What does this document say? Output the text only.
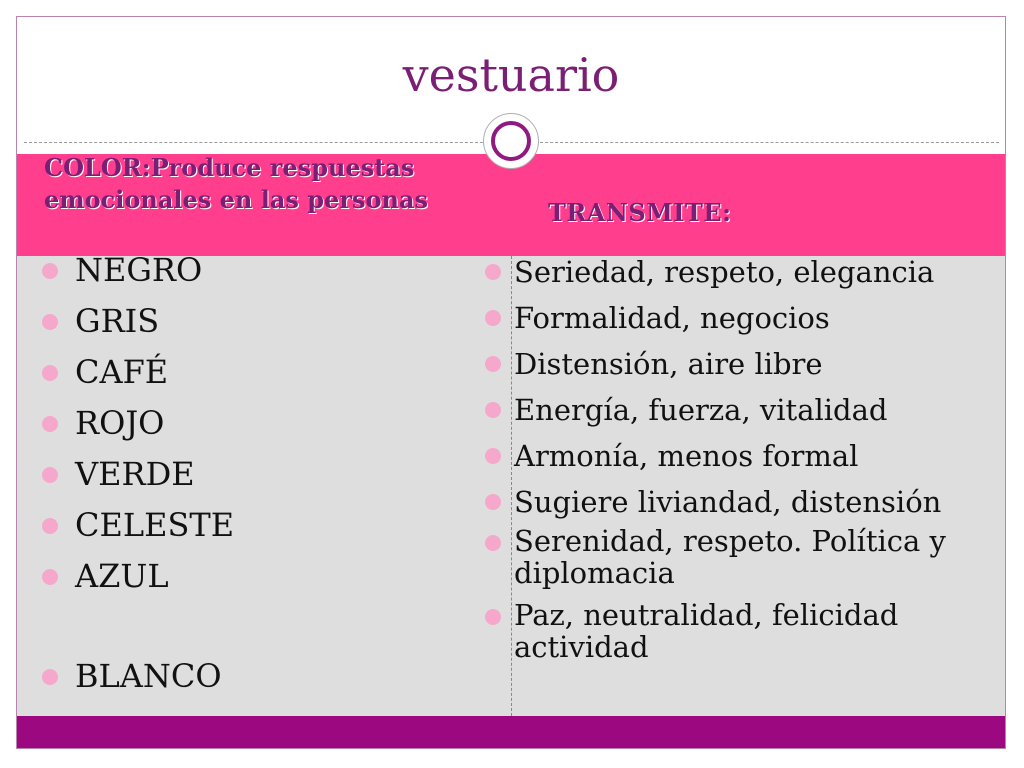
vestuario

COLOR:Produce respuestas emocionales en las personas	TRANSMITE:

NEGRO
GRIS
CAFÉ
ROJO
VERDE
CELESTE
AZUL
BLANCO
Seriedad, respeto, elegancia
Formalidad, negocios
Distensión, aire libre
Energía, fuerza, vitalidad
Armonía, menos formal
Sugiere liviandad, distensión
Serenidad, respeto. Política y diplomacia
Paz, neutralidad, felicidad actividad
